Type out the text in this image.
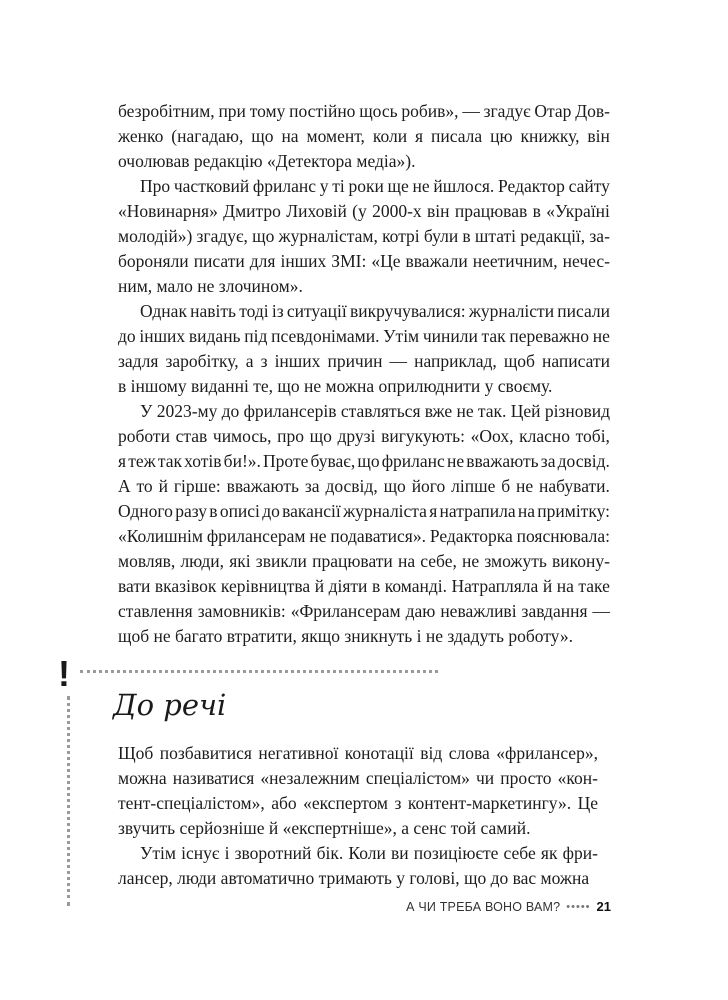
безробітним, при тому постійно щось робив», — згадує Отар Дов-
женко (нагадаю, що на момент, коли я писала цю книжку, він
очолював редакцію «Детектора медіа»).
Про частковий фриланс у ті роки ще не йшлося. Редактор сайту
«Новинарня» Дмитро Лиховій (у 2000-х він працював в «Україні
молодій») згадує, що журналістам, котрі були в штаті редакції, за-
бороняли писати для інших ЗМІ: «Це вважали неетичним, нечес-
ним, мало не злочином».
Однак навіть тоді із ситуації викручувалися: журналісти писали
до інших видань під псевдонімами. Утім чинили так переважно не
задля заробітку, а з інших причин — наприклад, щоб написати
в іншому виданні те, що не можна оприлюднити у своєму.
У 2023-му до фрилансерів ставляться вже не так. Цей різновид
роботи став чимось, про що друзі вигукують: «Оох, класно тобі,
я теж так хотів би!». Проте буває, що фриланс не вважають за досвід.
А то й гірше: вважають за досвід, що його ліпше б не набувати.
Одного разу в описі до вакансії журналіста я натрапила на примітку:
«Колишнім фрилансерам не подаватися». Редакторка пояснювала:
мовляв, люди, які звикли працювати на себе, не зможуть викону-
вати вказівок керівництва й діяти в команді. Натрапляла й на таке
ставлення замовників: «Фрилансерам даю неважливі завдання —
щоб не багато втратити, якщо зникнуть і не здадуть роботу».
!
До речі
Щоб позбавитися негативної конотації від слова «фрилансер»,
можна називатися «незалежним спеціалістом» чи просто «кон-
тент-спеціалістом», або «експертом з контент-маркетингу». Це
звучить серйозніше й «експертніше», а сенс той самий.
Утім існує і зворотний бік. Коли ви позиціюєте себе як фри-
лансер, люди автоматично тримають у голові, що до вас можна
А ЧИ ТРЕБА ВОНО ВАМ? ••••• 21
